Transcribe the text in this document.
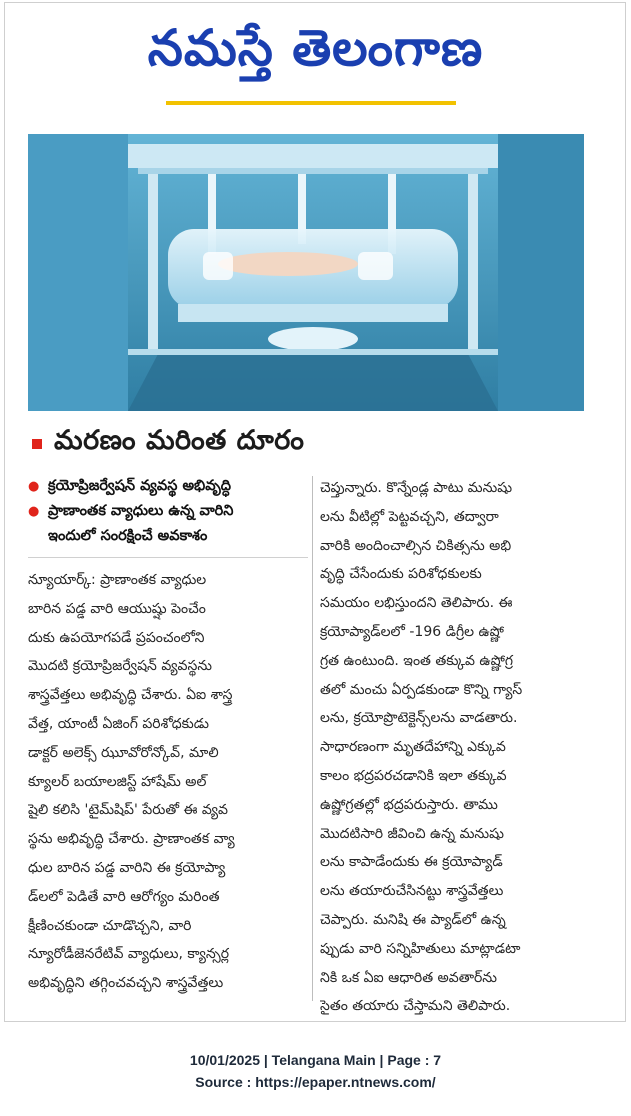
నమస్తే తెలంగాణ
మరణం మరింత దూరం
● క్రయోప్రిజర్వేషన్ వ్యవస్థ అభివృద్ధి
● ప్రాణాంతక వ్యాధులు ఉన్న వారిని
ఇందులో సంరక్షించే అవకాశం
న్యూయార్క్: ప్రాణాంతక వ్యాధుల
బారిన పడ్డ వారి ఆయుష్షు పెంచేం
దుకు ఉపయోగపడే ప్రపంచంలోని
మొదటి క్రయోప్రిజర్వేషన్ వ్యవస్థను
శాస్త్రవేత్తలు అభివృద్ధి చేశారు. ఏఐ శాస్త్ర
వేత్త, యాంటీ ఏజింగ్ పరిశోధకుడు
డాక్టర్ అలెక్స్ ఝూవోరోన్కోవ్, మాలి
క్యూలర్ బయాలజిస్ట్ హాషేమ్ అల్
షైలి కలిసి 'టైమ్‌షిప్' పేరుతో ఈ వ్యవ
స్థను అభివృద్ధి చేశారు. ప్రాణాంతక వ్యా
ధుల బారిన పడ్డ వారిని ఈ క్రయోప్యా
డ్‌లలో పెడితే వారి ఆరోగ్యం మరింత
క్షీణించకుండా చూడొచ్చని, వారి
న్యూరోడీజెనరేటివ్ వ్యాధులు, క్యాన్సర్ల
అభివృద్ధిని తగ్గించవచ్చని శాస్త్రవేత్తలు
చెప్తున్నారు. కొన్నేండ్ల పాటు మనుషు
లను వీటిల్లో పెట్టవచ్చని, తద్వారా
వారికి అందించాల్సిన చికిత్సను అభి
వృద్ధి చేసేందుకు పరిశోధకులకు
సమయం లభిస్తుందని తెలిపారు. ఈ
క్రయోప్యాడ్‌లలో -196 డిగ్రీల ఉష్ణో
గ్రత ఉంటుంది. ఇంత తక్కువ ఉష్ణోగ్ర
తలో మంచు ఏర్పడకుండా కొన్ని గ్యాస్
లను, క్రయోప్రొటెక్టెన్స్‌లను వాడతారు.
సాధారణంగా మృతదేహాన్ని ఎక్కువ
కాలం భద్రపరచడానికి ఇలా తక్కువ
ఉష్ణోగ్రతల్లో భద్రపరుస్తారు. తాము
మొదటిసారి జీవించి ఉన్న మనుషు
లను కాపాడేందుకు ఈ క్రయోప్యాడ్
లను తయారుచేసినట్టు శాస్త్రవేత్తలు
చెప్పారు. మనిషి ఈ ప్యాడ్‌లో ఉన్న
ప్పుడు వారి సన్నిహితులు మాట్లాడటా
నికి ఒక ఏఐ ఆధారిత అవతార్‌ను
సైతం తయారు చేస్తామని తెలిపారు.
10/01/2025 | Telangana Main | Page : 7
Source : https://epaper.ntnews.com/
